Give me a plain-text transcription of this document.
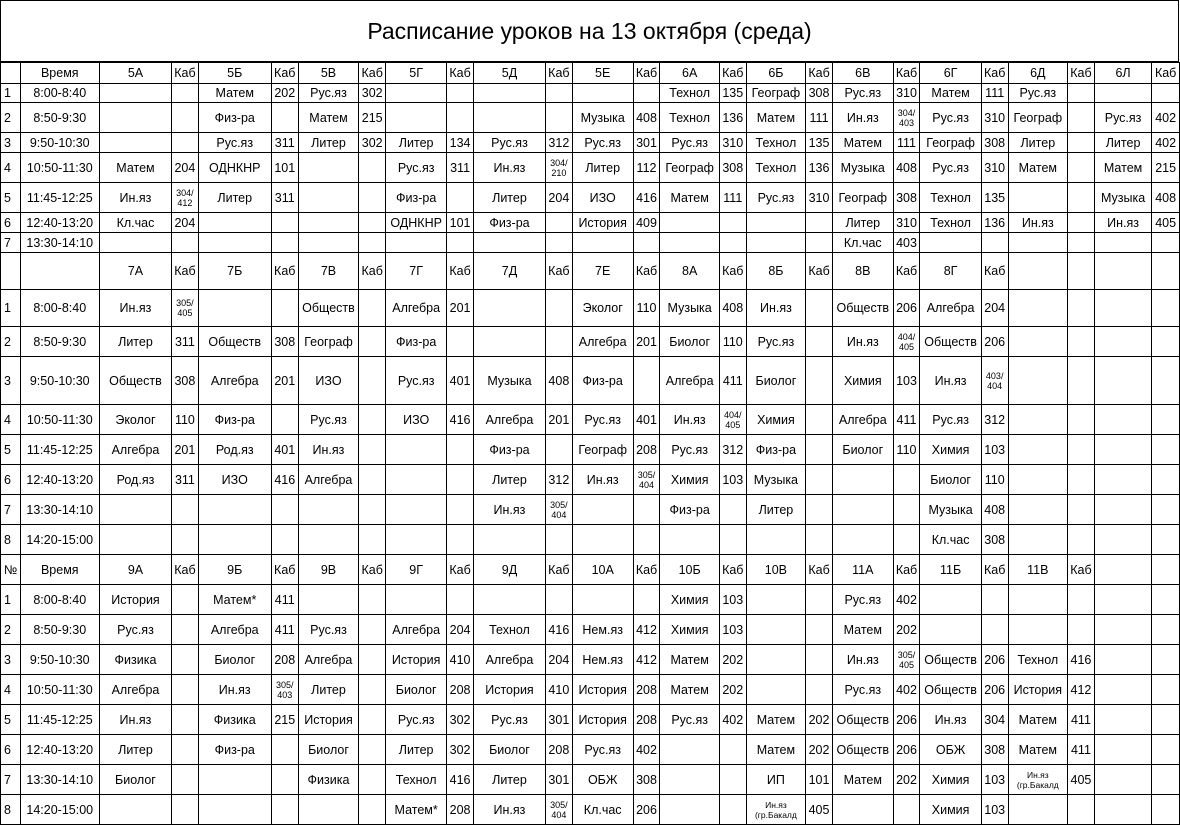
Расписание уроков на 13 октября (среда)
	Время	5А	Каб	5Б	Каб	5В	Каб	5Г	Каб	5Д	Каб	5Е	Каб	6А	Каб	6Б	Каб	6В	Каб	6Г	Каб	6Д	Каб	6Л	Каб
1	8:00-8:40			Матем	202	Рус.яз	302							Технол	135	Географ	308	Рус.яз	310	Матем	111	Рус.яз			
2	8:50-9:30			Физ-ра		Матем	215					Музыка	408	Технол	136	Матем	111	Ин.яз	304/ 403	Рус.яз	310	Географ		Рус.яз	402
3	9:50-10:30			Рус.яз	311	Литер	302	Литер	134	Рус.яз	312	Рус.яз	301	Рус.яз	310	Технол	135	Матем	111	Географ	308	Литер		Литер	402
4	10:50-11:30	Матем	204	ОДНКНР	101			Рус.яз	311	Ин.яз	304/ 210	Литер	112	Географ	308	Технол	136	Музыка	408	Рус.яз	310	Матем		Матем	215
5	11:45-12:25	Ин.яз	304/ 412	Литер	311			Физ-ра		Литер	204	ИЗО	416	Матем	111	Рус.яз	310	Географ	308	Технол	135			Музыка	408
6	12:40-13:20	Кл.час	204					ОДНКНР	101	Физ-ра		История	409					Литер	310	Технол	136	Ин.яз		Ин.яз	405
7	13:30-14:10																	Кл.час	403						
		7А	Каб	7Б	Каб	7В	Каб	7Г	Каб	7Д	Каб	7Е	Каб	8А	Каб	8Б	Каб	8В	Каб	8Г	Каб				
1	8:00-8:40	Ин.яз	305/ 405			Обществ		Алгебра	201			Эколог	110	Музыка	408	Ин.яз		Обществ	206	Алгебра	204				
2	8:50-9:30	Литер	311	Обществ	308	Географ		Физ-ра				Алгебра	201	Биолог	110	Рус.яз		Ин.яз	404/ 405	Обществ	206				
3	9:50-10:30	Обществ	308	Алгебра	201	ИЗО		Рус.яз	401	Музыка	408	Физ-ра		Алгебра	411	Биолог		Химия	103	Ин.яз	403/ 404				
4	10:50-11:30	Эколог	110	Физ-ра		Рус.яз		ИЗО	416	Алгебра	201	Рус.яз	401	Ин.яз	404/ 405	Химия		Алгебра	411	Рус.яз	312				
5	11:45-12:25	Алгебра	201	Род.яз	401	Ин.яз				Физ-ра		Географ	208	Рус.яз	312	Физ-ра		Биолог	110	Химия	103				
6	12:40-13:20	Род.яз	311	ИЗО	416	Алгебра				Литер	312	Ин.яз	305/ 404	Химия	103	Музыка				Биолог	110				
7	13:30-14:10									Ин.яз	305/ 404			Физ-ра		Литер				Музыка	408				
8	14:20-15:00																			Кл.час	308				
№	Время	9А	Каб	9Б	Каб	9В	Каб	9Г	Каб	9Д	Каб	10А	Каб	10Б	Каб	10В	Каб	11А	Каб	11Б	Каб	11В	Каб		
1	8:00-8:40	История		Матем*	411									Химия	103			Рус.яз	402						
2	8:50-9:30	Рус.яз		Алгебра	411	Рус.яз		Алгебра	204	Технол	416	Нем.яз	412	Химия	103			Матем	202						
3	9:50-10:30	Физика		Биолог	208	Алгебра		История	410	Алгебра	204	Нем.яз	412	Матем	202			Ин.яз	305/ 405	Обществ	206	Технол	416		
4	10:50-11:30	Алгебра		Ин.яз	305/ 403	Литер		Биолог	208	История	410	История	208	Матем	202			Рус.яз	402	Обществ	206	История	412		
5	11:45-12:25	Ин.яз		Физика	215	История		Рус.яз	302	Рус.яз	301	История	208	Рус.яз	402	Матем	202	Обществ	206	Ин.яз	304	Матем	411		
6	12:40-13:20	Литер		Физ-ра		Биолог		Литер	302	Биолог	208	Рус.яз	402			Матем	202	Обществ	206	ОБЖ	308	Матем	411		
7	13:30-14:10	Биолог				Физика		Технол	416	Литер	301	ОБЖ	308			ИП	101	Матем	202	Химия	103	Ин.яз (гр.Бакалд	405		
8	14:20-15:00							Матем*	208	Ин.яз	305/ 404	Кл.час	206			Ин.яз (гр.Бакалд	405			Химия	103				
